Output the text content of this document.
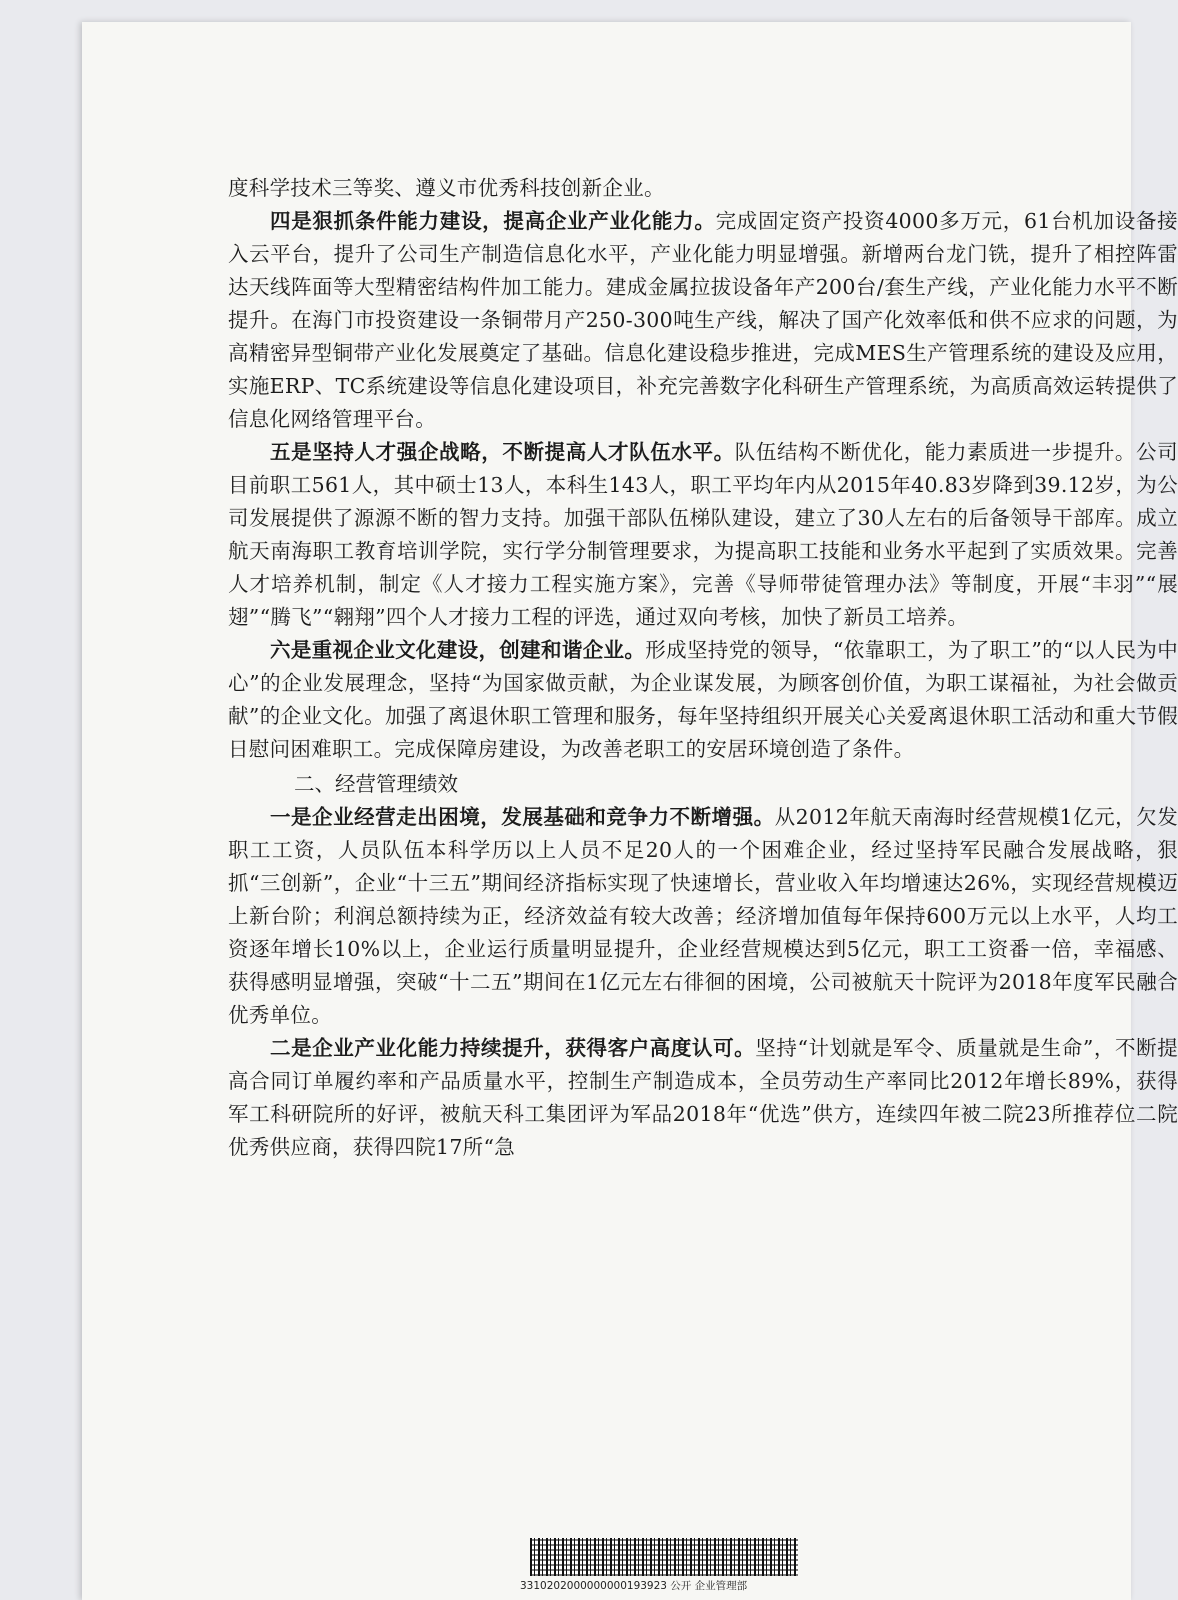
度科学技术三等奖、遵义市优秀科技创新企业。

四是狠抓条件能力建设，提高企业产业化能力。完成固定资产投资4000多万元，61台机加设备接入云平台，提升了公司生产制造信息化水平，产业化能力明显增强。新增两台龙门铣，提升了相控阵雷达天线阵面等大型精密结构件加工能力。建成金属拉拔设备年产200台/套生产线，产业化能力水平不断提升。在海门市投资建设一条铜带月产250-300吨生产线，解决了国产化效率低和供不应求的问题，为高精密异型铜带产业化发展奠定了基础。信息化建设稳步推进，完成MES生产管理系统的建设及应用，实施ERP、TC系统建设等信息化建设项目，补充完善数字化科研生产管理系统，为高质高效运转提供了信息化网络管理平台。

五是坚持人才强企战略，不断提高人才队伍水平。队伍结构不断优化，能力素质进一步提升。公司目前职工561人，其中硕士13人，本科生143人，职工平均年内从2015年40.83岁降到39.12岁，为公司发展提供了源源不断的智力支持。加强干部队伍梯队建设，建立了30人左右的后备领导干部库。成立航天南海职工教育培训学院，实行学分制管理要求，为提高职工技能和业务水平起到了实质效果。完善人才培养机制，制定《人才接力工程实施方案》，完善《导师带徒管理办法》等制度，开展“丰羽”“展翅”“腾飞”“翱翔”四个人才接力工程的评选，通过双向考核，加快了新员工培养。

六是重视企业文化建设，创建和谐企业。形成坚持党的领导，“依靠职工，为了职工”的“以人民为中心”的企业发展理念，坚持“为国家做贡献，为企业谋发展，为顾客创价值，为职工谋福祉，为社会做贡献”的企业文化。加强了离退休职工管理和服务，每年坚持组织开展关心关爱离退休职工活动和重大节假日慰问困难职工。完成保障房建设，为改善老职工的安居环境创造了条件。

二、经营管理绩效

一是企业经营走出困境，发展基础和竞争力不断增强。从2012年航天南海时经营规模1亿元，欠发职工工资，人员队伍本科学历以上人员不足20人的一个困难企业，经过坚持军民融合发展战略，狠抓“三创新”，企业“十三五”期间经济指标实现了快速增长，营业收入年均增速达26%，实现经营规模迈上新台阶；利润总额持续为正，经济效益有较大改善；经济增加值每年保持600万元以上水平，人均工资逐年增长10%以上，企业运行质量明显提升，企业经营规模达到5亿元，职工工资番一倍，幸福感、获得感明显增强，突破“十二五”期间在1亿元左右徘徊的困境，公司被航天十院评为2018年度军民融合优秀单位。

二是企业产业化能力持续提升，获得客户高度认可。坚持“计划就是军令、质量就是生命”，不断提高合同订单履约率和产品质量水平，控制生产制造成本，全员劳动生产率同比2012年增长89%，获得军工科研院所的好评，被航天科工集团评为军品2018年“优选”供方，连续四年被二院23所推荐位二院优秀供应商，获得四院17所“急

3310202000000000193923 公开 企业管理部
